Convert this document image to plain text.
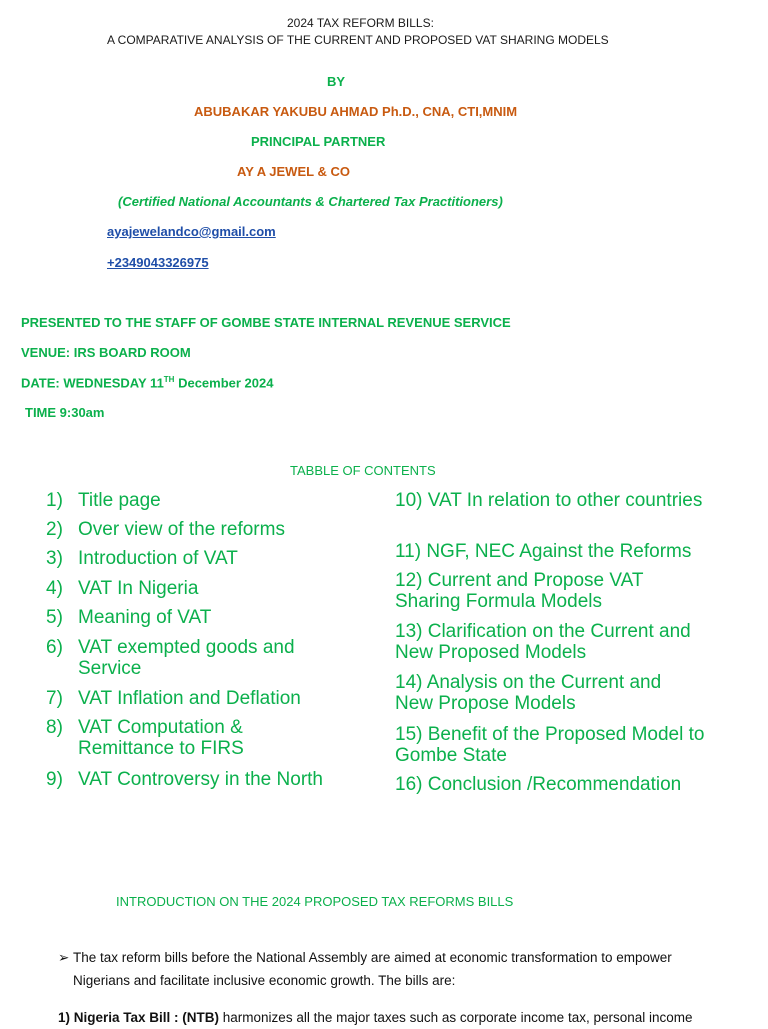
2024 TAX REFORM BILLS:
A COMPARATIVE ANALYSIS OF THE CURRENT AND PROPOSED VAT SHARING MODELS
BY
ABUBAKAR YAKUBU AHMAD Ph.D., CNA, CTI,MNIM
PRINCIPAL PARTNER
AY A JEWEL & CO
(Certified National Accountants & Chartered Tax Practitioners)
ayajewelandco@gmail.com
+2349043326975
PRESENTED TO THE STAFF OF GOMBE STATE INTERNAL REVENUE SERVICE
VENUE: IRS BOARD ROOM
DATE: WEDNESDAY 11TH December 2024
TIME 9:30am
TABBLE OF CONTENTS
1) Title page
2) Over view of the reforms
3) Introduction of VAT
4) VAT In Nigeria
5) Meaning of VAT
6) VAT exempted goods and Service
7) VAT Inflation and Deflation
8) VAT Computation & Remittance to FIRS
9) VAT Controversy in the North
10) VAT In relation to other countries
11) NGF, NEC Against the Reforms
12) Current and Propose VAT Sharing Formula Models
13) Clarification on the Current and New Proposed Models
14) Analysis on the Current and New Propose Models
15) Benefit of the Proposed Model to Gombe State
16) Conclusion /Recommendation
INTRODUCTION ON THE 2024 PROPOSED TAX REFORMS BILLS
➢ The tax reform bills before the National Assembly are aimed at economic transformation to empower
Nigerians and facilitate inclusive economic growth. The bills are:
1) Nigeria Tax Bill : (NTB) harmonizes all the major taxes such as corporate income tax, personal income
